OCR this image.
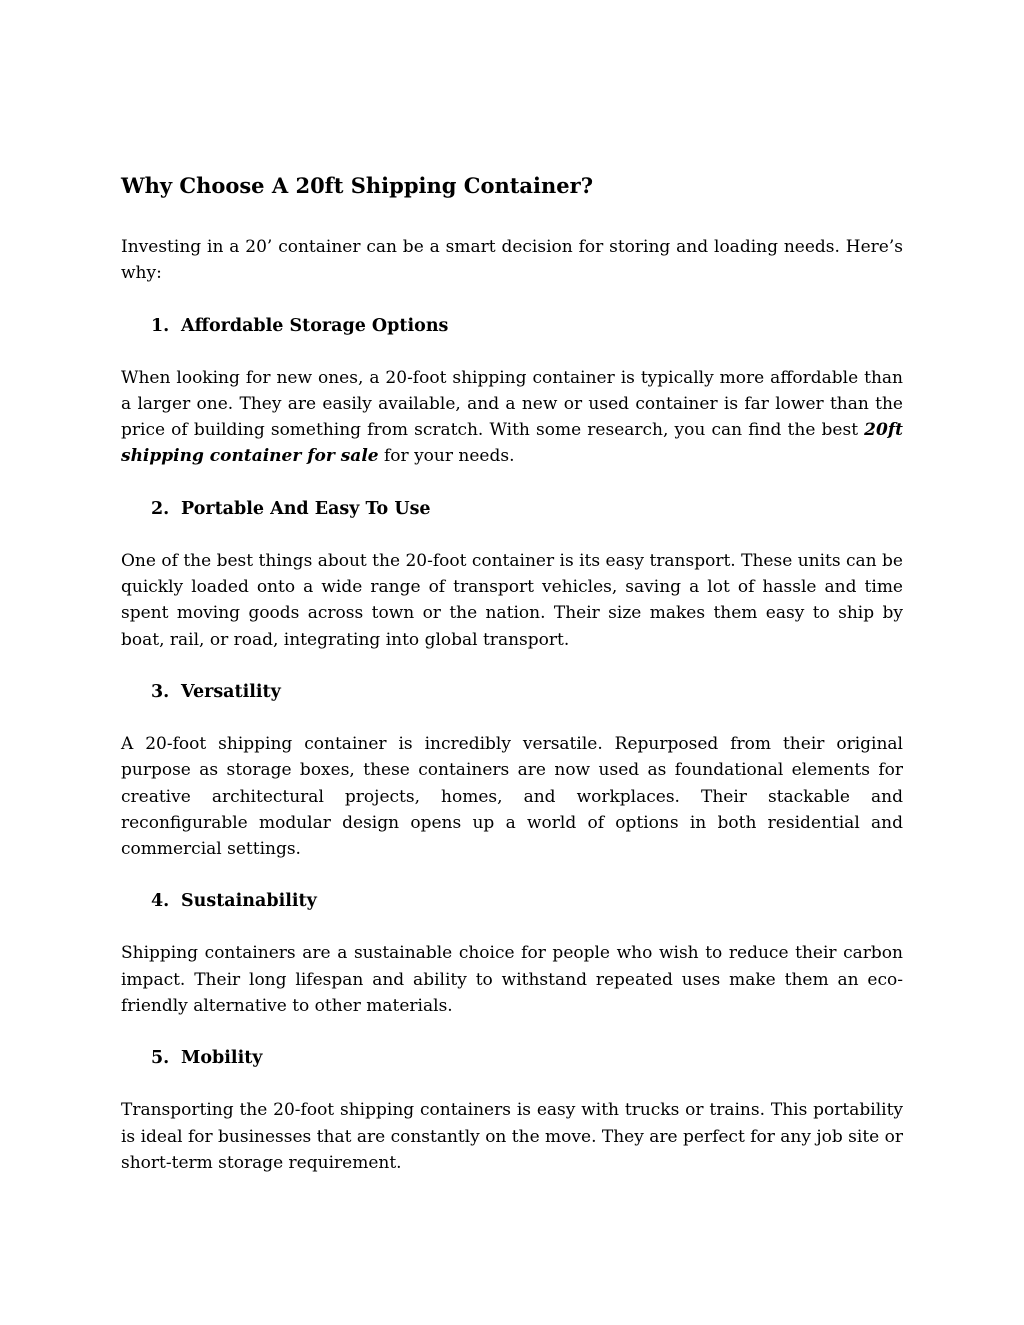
Why Choose A 20ft Shipping Container?

Investing in a 20’ container can be a smart decision for storing and loading needs. Here’s why:

1. Affordable Storage Options

When looking for new ones, a 20-foot shipping container is typically more affordable than a larger one. They are easily available, and a new or used container is far lower than the price of building something from scratch. With some research, you can find the best 20ft shipping container for sale for your needs.

2. Portable And Easy To Use

One of the best things about the 20-foot container is its easy transport. These units can be quickly loaded onto a wide range of transport vehicles, saving a lot of hassle and time spent moving goods across town or the nation. Their size makes them easy to ship by boat, rail, or road, integrating into global transport.

3. Versatility

A 20-foot shipping container is incredibly versatile. Repurposed from their original purpose as storage boxes, these containers are now used as foundational elements for creative architectural projects, homes, and workplaces. Their stackable and reconfigurable modular design opens up a world of options in both residential and commercial settings.

4. Sustainability

Shipping containers are a sustainable choice for people who wish to reduce their carbon impact. Their long lifespan and ability to withstand repeated uses make them an eco-friendly alternative to other materials.

5. Mobility

Transporting the 20-foot shipping containers is easy with trucks or trains. This portability is ideal for businesses that are constantly on the move. They are perfect for any job site or short-term storage requirement.
